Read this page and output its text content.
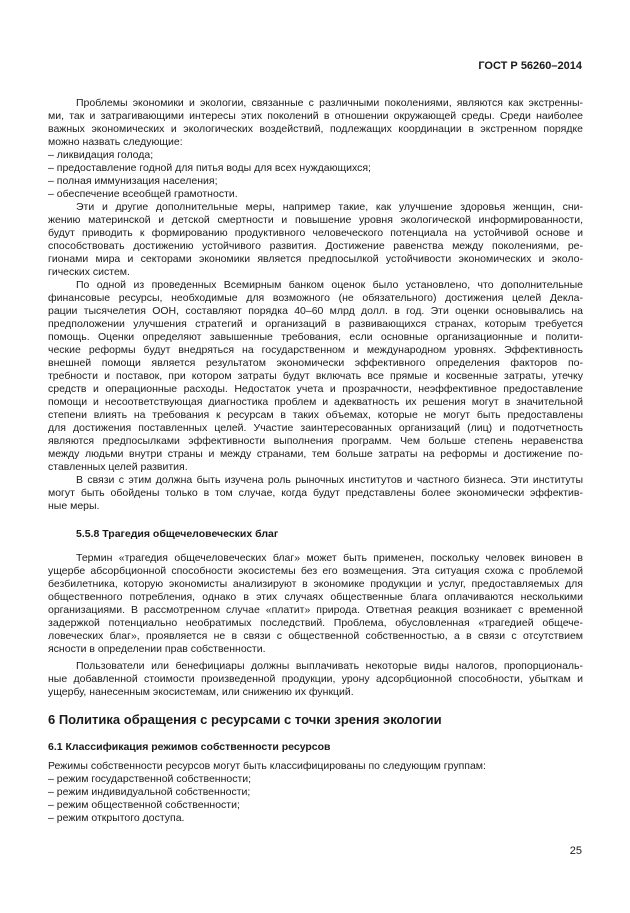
ГОСТ Р 56260–2014
Проблемы экономики и экологии, связанные с различными поколениями, являются как экстренны-
ми, так и затрагивающими интересы этих поколений в отношении окружающей среды. Среди наиболее
важных экономических и экологических воздействий, подлежащих координации в экстренном порядке
можно назвать следующие:
– ликвидация голода;
– предоставление годной для питья воды для всех нуждающихся;
– полная иммунизация населения;
– обеспечение всеобщей грамотности.
Эти и другие дополнительные меры, например такие, как улучшение здоровья женщин, сни-
жению материнской и детской смертности и повышение уровня экологической информированности,
будут приводить к формированию продуктивного человеческого потенциала на устойчивой основе и
способствовать достижению устойчивого развития. Достижение равенства между поколениями, ре-
гионами мира и секторами экономики является предпосылкой устойчивости экономических и эколо-
гических систем.
По одной из проведенных Всемирным банком оценок было установлено, что дополнительные
финансовые ресурсы, необходимые для возможного (не обязательного) достижения целей Декла-
рации тысячелетия ООН, составляют порядка 40–60 млрд долл. в год. Эти оценки основывались на
предположении улучшения стратегий и организаций в развивающихся странах, которым требуется
помощь. Оценки определяют завышенные требования, если основные организационные и полити-
ческие реформы будут внедряться на государственном и международном уровнях. Эффективность
внешней помощи является результатом экономически эффективного определения факторов по-
требности и поставок, при котором затраты будут включать все прямые и косвенные затраты, утечку
средств и операционные расходы. Недостаток учета и прозрачности, неэффективное предоставление
помощи и несоответствующая диагностика проблем и адекватность их решения могут в значительной
степени влиять на требования к ресурсам в таких объемах, которые не могут быть предоставлены
для достижения поставленных целей. Участие заинтересованных организаций (лиц) и подотчетность
являются предпосылками эффективности выполнения программ. Чем больше степень неравенства
между людьми внутри страны и между странами, тем больше затраты на реформы и достижение по-
ставленных целей развития.
В связи с этим должна быть изучена роль рыночных институтов и частного бизнеса. Эти институты
могут быть обойдены только в том случае, когда будут представлены более экономически эффектив-
ные меры.
5.5.8 Трагедия общечеловеческих благ
Термин «трагедия общечеловеческих благ» может быть применен, поскольку человек виновен в
ущербе абсорбционной способности экосистемы без его возмещения. Эта ситуация схожа с проблемой
безбилетника, которую экономисты анализируют в экономике продукции и услуг, предоставляемых для
общественного потребления, однако в этих случаях общественные блага оплачиваются несколькими
организациями. В рассмотренном случае «платит» природа. Ответная реакция возникает с временной
задержкой потенциально необратимых последствий. Проблема, обусловленная «трагедией общече-
ловеческих благ», проявляется не в связи с общественной собственностью, а в связи с отсутствием
ясности в определении прав собственности.
Пользователи или бенефициары должны выплачивать некоторые виды налогов, пропорциональ-
ные добавленной стоимости произведенной продукции, урону адсорбционной способности, убыткам и
ущербу, нанесенным экосистемам, или снижению их функций.
6 Политика обращения с ресурсами с точки зрения экологии
6.1 Классификация режимов собственности ресурсов
Режимы собственности ресурсов могут быть классифицированы по следующим группам:
– режим государственной собственности;
– режим индивидуальной собственности;
– режим общественной собственности;
– режим открытого доступа.
25
